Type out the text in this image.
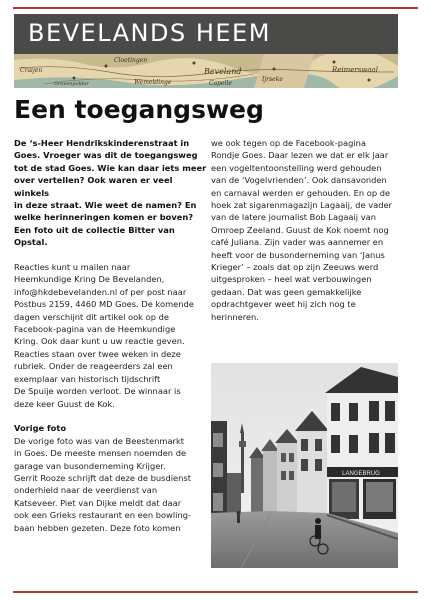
BEVELANDS HEEM
Cloetingen
Craijen	Beveland
Wemeldinge	Capelle
Reimerswaal
Ijrseke
Gravenpolder
Een toegangsweg

De ‘s-Heer Hendrikskinderenstraat in

Goes. Vroeger was dit de toegangsweg

tot de stad Goes. Wie kan daar iets meer

over vertellen? Ook waren er veel winkels

in deze straat. Wie weet de namen? En

welke herinneringen komen er boven?

Een foto uit de collectie Bitter van Opstal.

Reacties kunt u mailen naar

Heemkundige Kring De Bevelanden,

info@hkdebevelanden.nl of per post naar

Postbus 2159, 4460 MD Goes. De komende

dagen verschijnt dit artikel ook op de

Facebook-pagina van de Heemkundige

Kring. Ook daar kunt u uw reactie geven.

Reacties staan over twee weken in deze

rubriek. Onder de reageerders zal een

exemplaar van historisch tijdschrift

De Spuije worden verloot. De winnaar is

deze keer Guust de Kok.

Vorige foto

De vorige foto was van de Beestenmarkt

in Goes. De meeste mensen noemden de

garage van busonderneming Krijger.

Gerrit Rooze schrijft dat deze de busdienst

onderhield naar de veerdienst van

Katseveer. Piet van Dijke meldt dat daar

ook een Grieks restaurant en een bowling-

baan hebben gezeten. Deze foto komen

we ook tegen op de Facebook-pagina

Rondje Goes. Daar lezen we dat er elk jaar

een vogeltentoonstelling werd gehouden

van de ‘Vogelvrienden’. Ook dansavonden

en carnaval werden er gehouden. En op de

hoek zat sigarenmagazijn Lagaaij, de vader

van de latere journalist Bob Lagaaij van

Omroep Zeeland. Guust de Kok noemt nog

café Juliana. Zijn vader was aannemer en

heeft voor de busonderneming van ‘Janus

Krieger’ – zoals dat op zijn Zeeuws werd

uitgesproken – heel wat verbouwingen

gedaan. Dat was geen gemakkelijke

opdrachtgever weet hij zich nog te

herinneren.

LANGEBRUG
